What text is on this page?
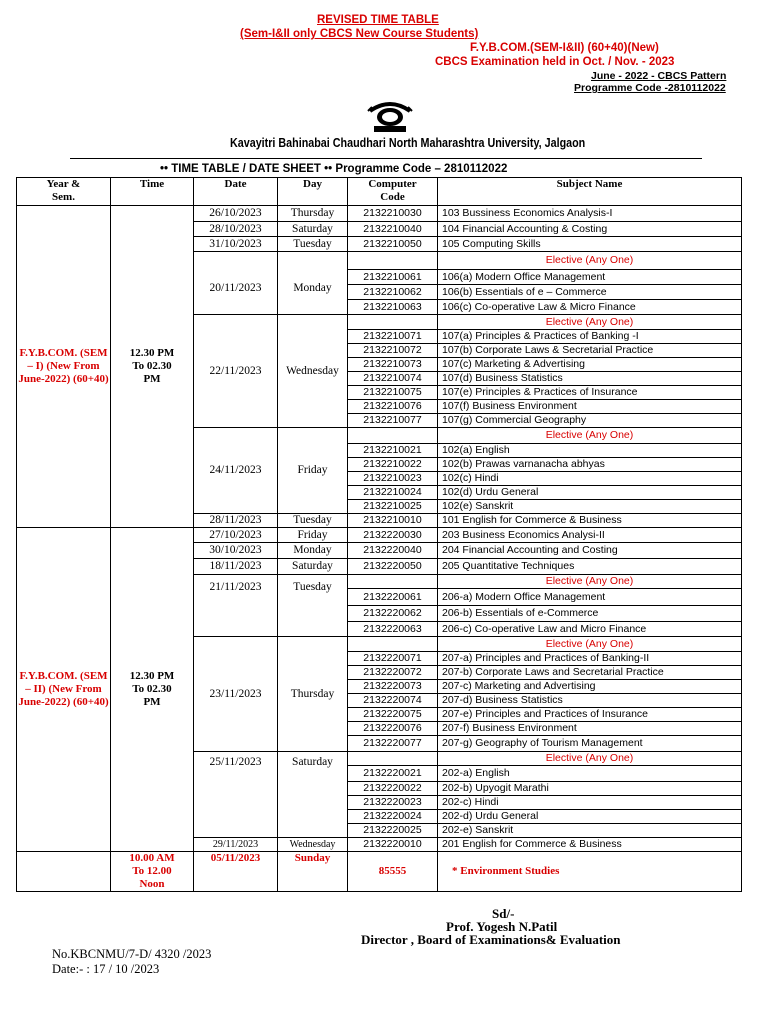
REVISED TIME TABLE
(Sem-I&II only CBCS New Course Students)
F.Y.B.COM.(SEM-I&II) (60+40)(New)
CBCS Examination held in Oct. / Nov. - 2023
June - 2022 - CBCS Pattern
Programme Code -2810112022
Kavayitri Bahinabai Chaudhari North Maharashtra University, Jalgaon
•• TIME TABLE / DATE SHEET •• Programme Code – 2810112022
Year & Sem.	Time	Date	Day	Computer Code	Subject Name
F.Y.B.COM. (SEM – I) (New From June-2022) (60+40)	12.30 PM To 02.30 PM	26/10/2023	Thursday	2132210030	103 Bussiness Economics Analysis-I
		28/10/2023	Saturday	2132210040	104 Financial Accounting & Costing
		31/10/2023	Tuesday	2132210050	105 Computing Skills
		20/11/2023	Monday		Elective (Any One)
				2132210061	106(a) Modern Office Management
				2132210062	106(b) Essentials of e – Commerce
				2132210063	106(c) Co-operative Law & Micro Finance
		22/11/2023	Wednesday		Elective (Any One)
				2132210071	107(a) Principles & Practices of Banking -I
				2132210072	107(b) Corporate Laws & Secretarial Practice
				2132210073	107(c) Marketing & Advertising
				2132210074	107(d) Business Statistics
				2132210075	107(e) Principles & Practices of Insurance
				2132210076	107(f) Business Environment
				2132210077	107(g) Commercial Geography
		24/11/2023	Friday		Elective (Any One)
				2132210021	102(a) English
				2132210022	102(b) Prawas varnanacha abhyas
				2132210023	102(c) Hindi
				2132210024	102(d) Urdu General
				2132210025	102(e) Sanskrit
		28/11/2023	Tuesday	2132210010	101 English for Commerce & Business
F.Y.B.COM. (SEM – II) (New From June-2022) (60+40)	12.30 PM To 02.30 PM	27/10/2023	Friday	2132220030	203 Business Economics Analysi-II
		30/10/2023	Monday	2132220040	204 Financial Accounting and Costing
		18/11/2023	Saturday	2132220050	205 Quantitative Techniques
		21/11/2023	Tuesday		Elective (Any One)
				2132220061	206-a) Modern Office Management
				2132220062	206-b) Essentials of e-Commerce
				2132220063	206-c) Co-operative Law and Micro Finance
		23/11/2023	Thursday		Elective (Any One)
				2132220071	207-a) Principles and Practices of Banking-II
				2132220072	207-b) Corporate Laws and Secretarial Practice
				2132220073	207-c) Marketing and Advertising
				2132220074	207-d) Business Statistics
				2132220075	207-e) Principles and Practices of Insurance
				2132220076	207-f) Business Environment
				2132220077	207-g) Geography of Tourism Management
		25/11/2023	Saturday		Elective (Any One)
				2132220021	202-a) English
				2132220022	202-b) Upyogit Marathi
				2132220023	202-c) Hindi
				2132220024	202-d) Urdu General
				2132220025	202-e) Sanskrit
		29/11/2023	Wednesday	2132220010	201 English for Commerce & Business
	10.00 AM To 12.00 Noon	05/11/2023	Sunday	85555	* Environment Studies
Sd/-
Prof. Yogesh N.Patil
Director , Board of Examinations& Evaluation
No.KBCNMU/7-D/ 4320 /2023
Date:- : 17 / 10 /2023
